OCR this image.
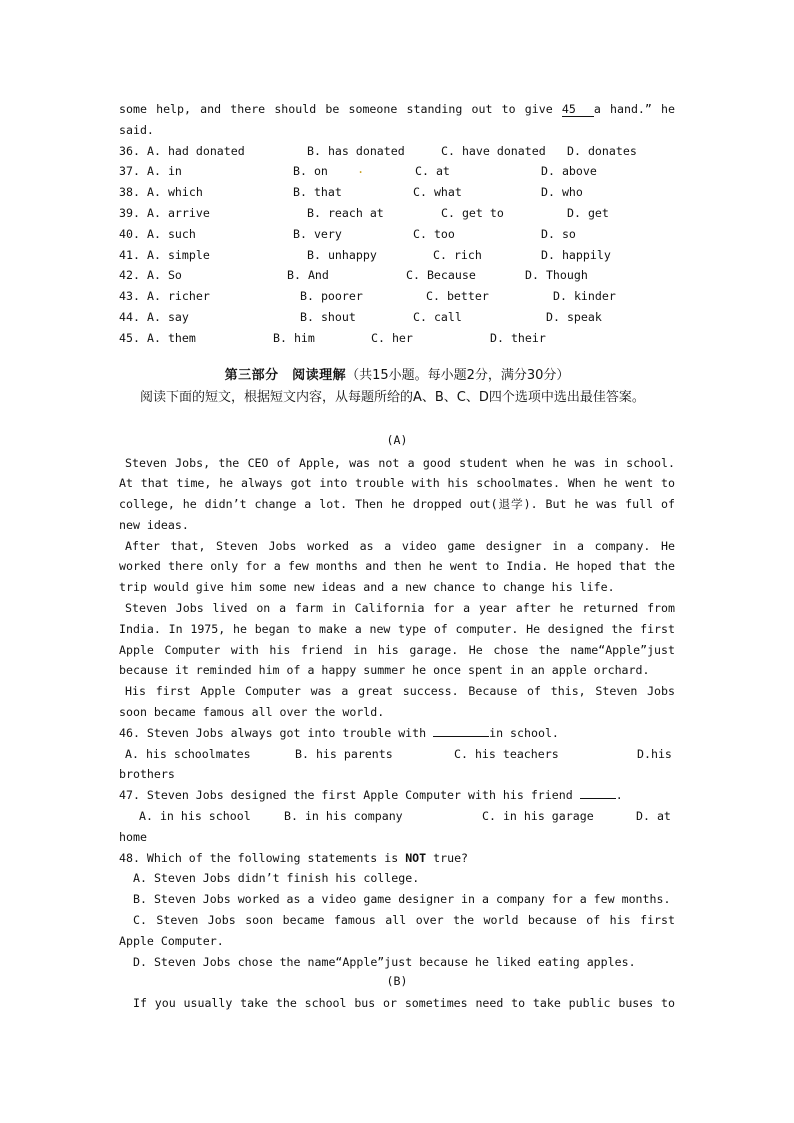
some help, and there should be someone standing out to give 45 a hand.” he
said.
36. A. had donated	B. has donated	C. have donated D. donates
37. A. in	B. on .	C. at	D. above
38. A. which	B. that	C. what	D. who
39. A. arrive	B. reach at	C. get to	D. get
40. A. such	B. very	C. too	D. so
41. A. simple	B. unhappy	C. rich	D. happily
42. A. So	B. And	C. Because	D. Though
43. A. richer	B. poorer	C. better	D. kinder
44. A. say	B. shout	C. call	D. speak
45. A. them	B. him	C. her	D. their
第三部分　阅读理解（共15小题。每小题2分，满分30分）
阅读下面的短文，根据短文内容，从每题所给的A、B、C、D四个选项中选出最佳答案。
(A)
Steven Jobs, the CEO of Apple, was not a good student when he was in school.
At that time, he always got into trouble with his schoolmates. When he went to
college, he didn’t change a lot. Then he dropped out(退学). But he was full of
new ideas.
After that, Steven Jobs worked as a video game designer in a company. He
worked there only for a few months and then he went to India. He hoped that the
trip would give him some new ideas and a new chance to change his life.
Steven Jobs lived on a farm in California for a year after he returned from
India. In 1975, he began to make a new type of computer. He designed the first
Apple Computer with his friend in his garage. He chose the name“Apple”just
because it reminded him of a happy summer he once spent in an apple orchard.
His first Apple Computer was a great success. Because of this, Steven Jobs
soon became famous all over the world.
46. Steven Jobs always got into trouble with	in school.
A. his schoolmates	B. his parents	C. his teachers	D.his
brothers
47. Steven Jobs designed the first Apple Computer with his friend	.
A. in his school	B. in his company	C. in his garage	D. at
home
48. Which of the following statements is NOT true?
A. Steven Jobs didn’t finish his college.
B. Steven Jobs worked as a video game designer in a company for a few months.
C. Steven Jobs soon became famous all over the world because of his first
Apple Computer.
D. Steven Jobs chose the name“Apple”just because he liked eating apples.
(B)
If you usually take the school bus or sometimes need to take public buses to
